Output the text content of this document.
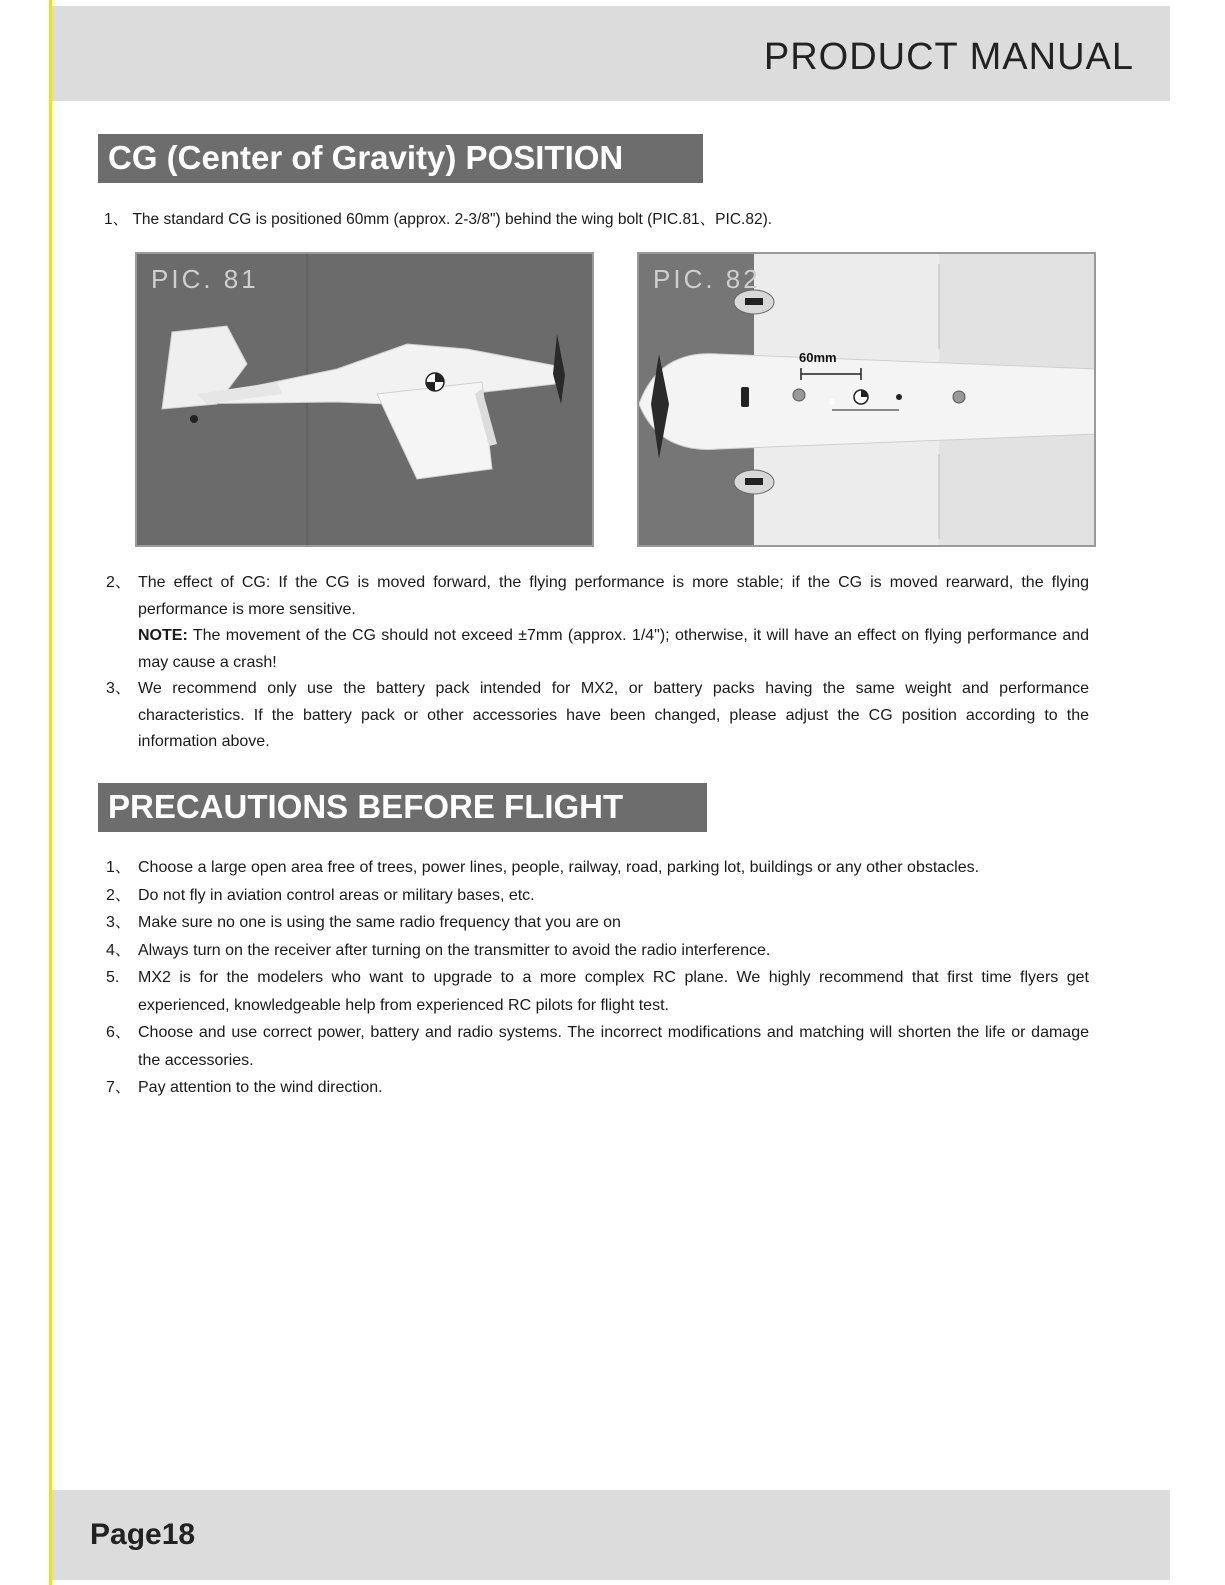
PRODUCT MANUAL
CG (Center of Gravity) POSITION
1、 The standard CG is positioned 60mm (approx. 2-3/8") behind the wing bolt (PIC.81、PIC.82).
PIC. 81	PIC. 82
60mm
2、 The effect of CG: If the CG is moved forward, the flying performance is more stable; if the CG is moved rearward, the flying performance is more sensitive.
NOTE: The movement of the CG should not exceed ±7mm (approx. 1/4"); otherwise, it will have an effect on flying performance and may cause a crash!
3、 We recommend only use the battery pack intended for MX2, or battery packs having the same weight and performance characteristics. If the battery pack or other accessories have been changed, please adjust the CG position according to the information above.
PRECAUTIONS BEFORE FLIGHT
1、 Choose a large open area free of trees, power lines, people, railway, road, parking lot, buildings or any other obstacles.
2、 Do not fly in aviation control areas or military bases, etc.
3、 Make sure no one is using the same radio frequency that you are on
4、 Always turn on the receiver after turning on the transmitter to avoid the radio interference.
5. MX2 is for the modelers who want to upgrade to a more complex RC plane. We highly recommend that first time flyers get experienced, knowledgeable help from experienced RC pilots for flight test.
6、 Choose and use correct power, battery and radio systems. The incorrect modifications and matching will shorten the life or damage the accessories.
7、 Pay attention to the wind direction.
Page18
